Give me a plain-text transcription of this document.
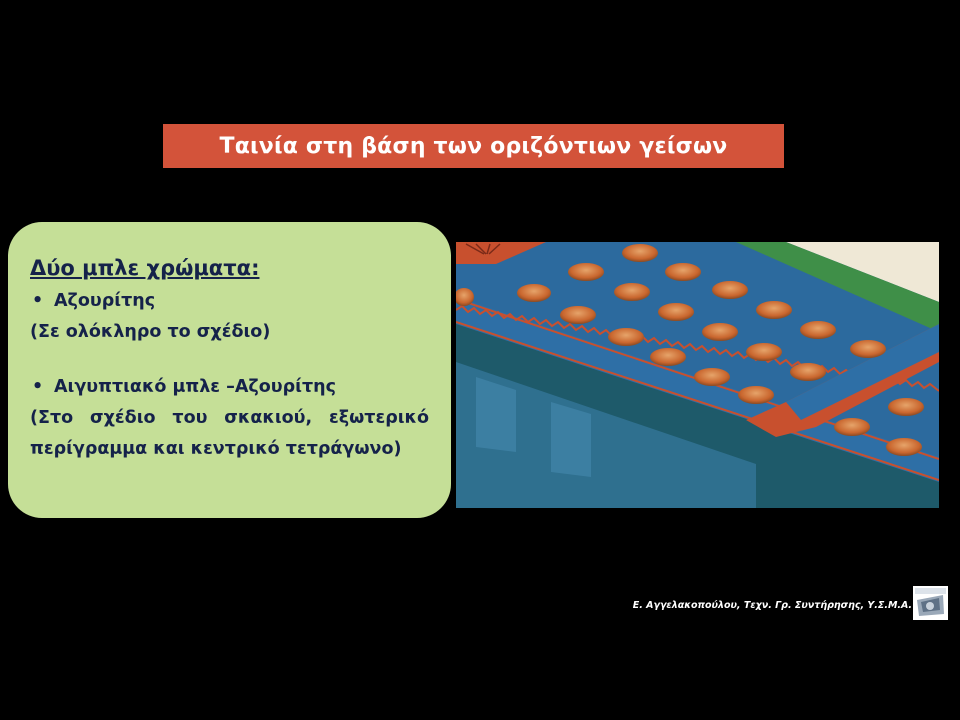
Ταινία στη βάση των οριζόντιων γείσων
Δύο μπλε χρώματα:
• Αζουρίτης
(Σε ολόκληρο το σχέδιο)
• Αιγυπτιακό μπλε –Αζουρίτης
(Στο σχέδιο του σκακιού, εξωτερικό
περίγραμμα και κεντρικό τετράγωνο)
Ε. Αγγελακοπούλου, Τεχν. Γρ. Συντήρησης, Υ.Σ.Μ.Α.
